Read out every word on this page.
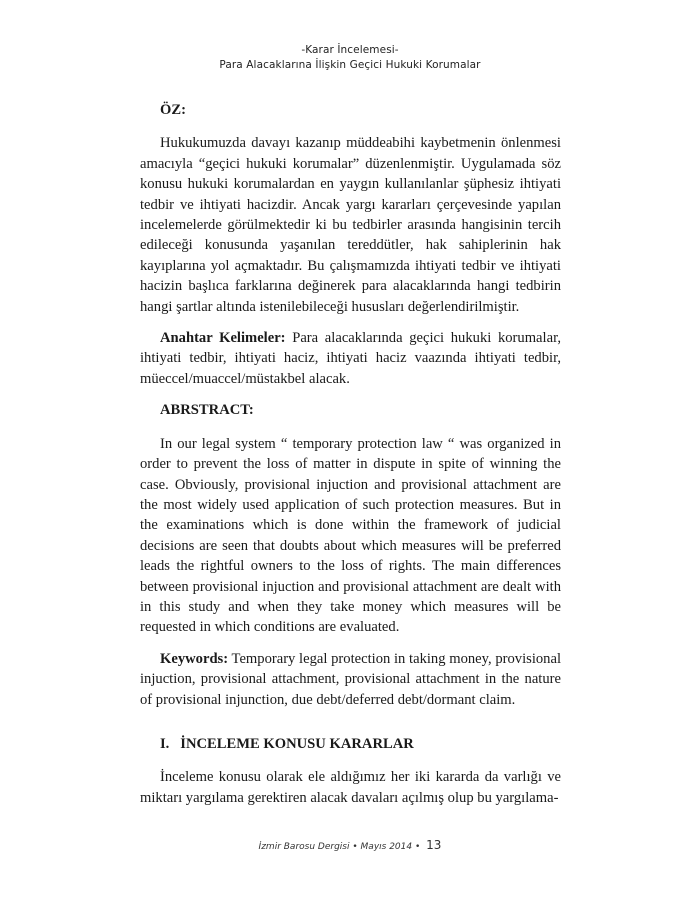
-Karar İncelemesi-
Para Alacaklarına İlişkin Geçici Hukuki Korumalar
ÖZ:

Hukukumuzda davayı kazanıp müddeabihi kaybetmenin önlenmesi amacıyla “geçici hukuki korumalar” düzenlenmiştir. Uygulamada söz konusu hukuki korumalardan en yaygın kullanılanlar şüphesiz ihtiyati tedbir ve ihtiyati hacizdir. Ancak yargı kararları çerçevesinde yapılan incelemelerde görülmektedir ki bu tedbirler arasında hangisinin tercih edileceği konusunda yaşanılan tereddütler, hak sahiplerinin hak kayıplarına yol açmaktadır. Bu çalışmamızda ihtiyati tedbir ve ihtiyati hacizin başlıca farklarına değinerek para alacaklarında hangi tedbirin hangi şartlar altında istenilebileceği hususları değerlendirilmiştir.

Anahtar Kelimeler: Para alacaklarında geçici hukuki korumalar, ihtiyati tedbir, ihtiyati haciz, ihtiyati haciz vaazında ihtiyati tedbir, müeccel/muaccel/müstakbel alacak.

ABRSTRACT:

In our legal system “ temporary protection law “ was organized in order to prevent the loss of matter in dispute in spite of winning the case. Obviously, provisional injuction and provisional attachment are the most widely used application of such protection measures. But in the examinations which is done within the framework of judicial decisions are seen that doubts about which measures will be preferred leads the rightful owners to the loss of rights. The main differences between provisional injuction and provisional attachment are dealt with in this study and when they take money which measures will be requested in which conditions are evaluated.

Keywords: Temporary legal protection in taking money, provisional injuction, provisional attachment, provisional attachment in the nature of provisional injunction, due debt/deferred debt/dormant claim.

I.   İNCELEME KONUSU KARARLAR

İnceleme konusu olarak ele aldığımız her iki kararda da varlığı ve miktarı yargılama gerektiren alacak davaları açılmış olup bu yargılama-

İzmir Barosu Dergisi • Mayıs 2014 • 13
